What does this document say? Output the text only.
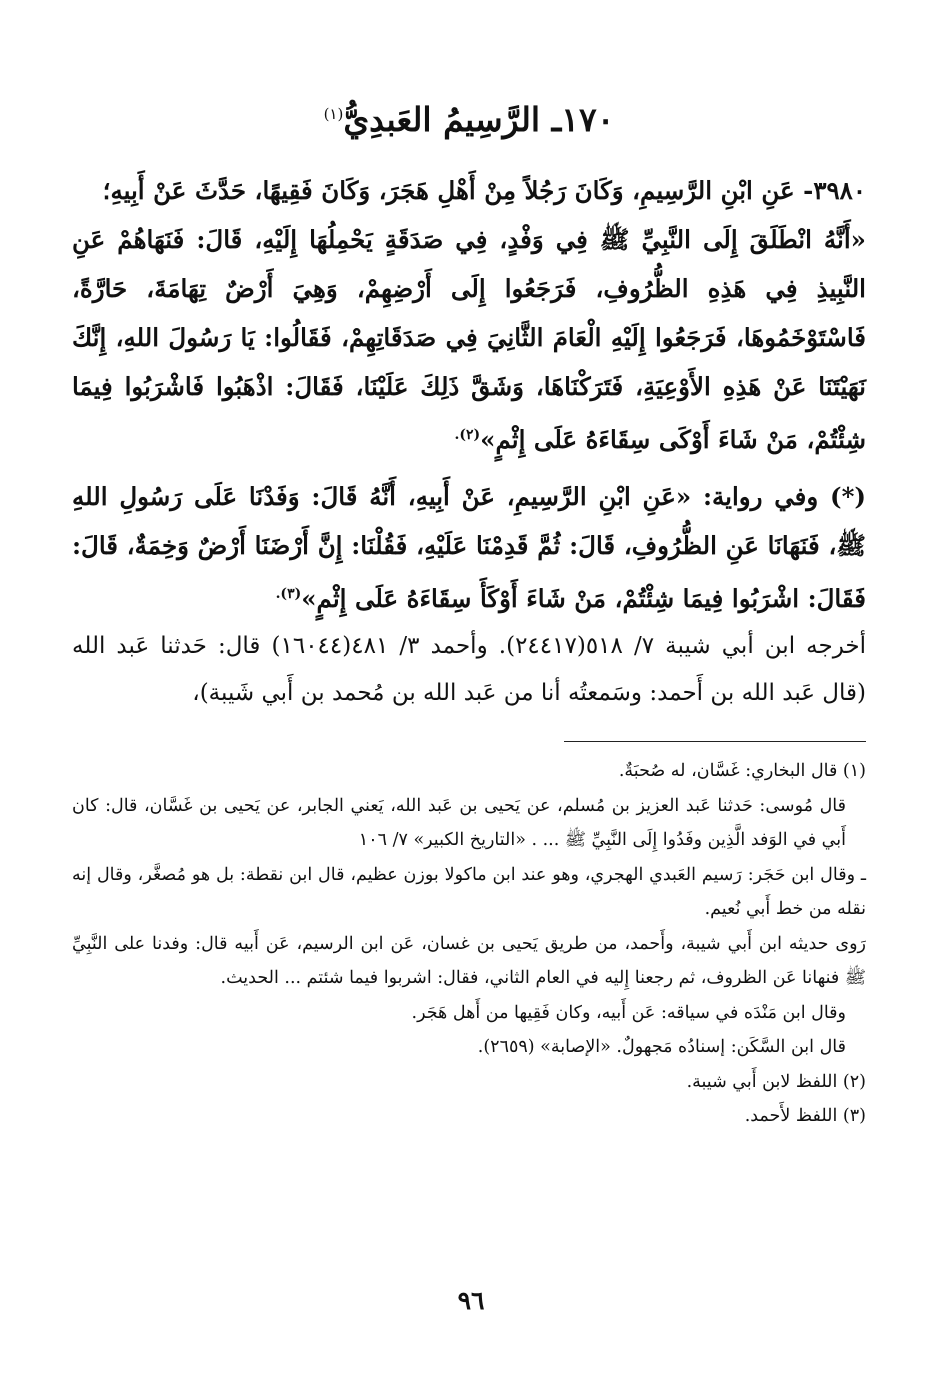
١٧٠ـ الرَّسِيمُ العَبدِيُّ$^{(١)}$

٣٩٨٠- عَنِ ابْنِ الرَّسِيمِ، وَكَانَ رَجُلاً مِنْ أَهْلِ هَجَرَ، وَكَانَ فَقِيهًا، حَدَّثَ عَنْ أَبِيهِ؛

«أَنَّهُ انْطَلَقَ إِلَى النَّبِيِّ ﷺ فِي وَفْدٍ، فِي صَدَقَةٍ يَحْمِلُهَا إِلَيْهِ، قَالَ: فَنَهَاهُمْ عَنِ النَّبِيذِ فِي هَذِهِ الظُّرُوفِ، فَرَجَعُوا إِلَى أَرْضِهِمْ، وَهِيَ أَرْضٌ تِهَامَةَ، حَارَّةً، فَاسْتَوْخَمُوهَا، فَرَجَعُوا إِلَيْهِ الْعَامَ الثَّانِيَ فِي صَدَقَاتِهِمْ، فَقَالُوا: يَا رَسُولَ اللهِ، إِنَّكَ نَهَيْتَنَا عَنْ هَذِهِ الأَوْعِيَةِ، فَتَرَكْنَاهَا، وَشَقَّ ذَلِكَ عَلَيْنَا، فَقَالَ: اذْهَبُوا فَاشْرَبُوا فِيمَا شِئْتُمْ، مَنْ شَاءَ أَوْكَى سِقَاءَهُ عَلَى إِثْمٍ»$^{(٢).}$

(*) وفي رواية: «عَنِ ابْنِ الرَّسِيمِ، عَنْ أَبِيهِ، أَنَّهُ قَالَ: وَفَدْنَا عَلَى رَسُولِ اللهِ ﷺ، فَنَهَانَا عَنِ الظُّرُوفِ، قَالَ: ثُمَّ قَدِمْنَا عَلَيْهِ، فَقُلْنَا: إِنَّ أَرْضَنَا أَرْضٌ وَخِمَةٌ، قَالَ: فَقَالَ: اشْرَبُوا فِيمَا شِئْتُمْ، مَنْ شَاءَ أَوْكَأَ سِقَاءَهُ عَلَى إِثْمٍ»$^{(٣).}$

أخرجه ابن أبي شيبة ٧/ ٥١٨(٢٤٤١٧). وأحمد ٣/ ٤٨١(١٦٠٤٤) قال: حَدثنا عَبد الله (قال عَبد الله بن أَحمد: وسَمعتُه أنا من عَبد الله بن مُحمد بن أَبي شَيبة)،

(١) قال البخاري: غَسَّان، له صُحبَةٌ.

قال مُوسى: حَدثنا عَبد العزيز بن مُسلم، عن يَحيى بن عَبد الله، يَعني الجابر، عن يَحيى بن غَسَّان، قال: كان أَبي في الوَفد الَّذِين وفَدُوا إِلَى النَّبِيِّ ﷺ ... . «التاريخ الكبير» ٧/ ١٠٦

ـ وقال ابن حَجَر: رَسيم العَبدي الهجري، وهو عند ابن ماكولا بوزن عظيم، قال ابن نقطة: بل هو مُصغَّر، وقال إنه نقله من خط أَبي نُعيم.

رَوى حديثه ابن أَبي شيبة، وأَحمد، من طريق يَحيى بن غسان، عَن ابن الرسيم، عَن أَبيه قال: وفدنا على النَّبِيِّ ﷺ فنهانا عَن الظروف، ثم رجعنا إِليه في العام الثاني، فقال: اشربوا فيما شئتم ... الحديث.

وقال ابن مَنْدَه في سياقه: عَن أَبيه، وكان فَقِيها من أَهل هَجَر.

قال ابن السَّكَن: إسنادُه مَجهولٌ. «الإصابة» (٢٦٥٩).

(٢) اللفظ لابن أَبي شيبة.

(٣) اللفظ لأَحمد.

٩٦
